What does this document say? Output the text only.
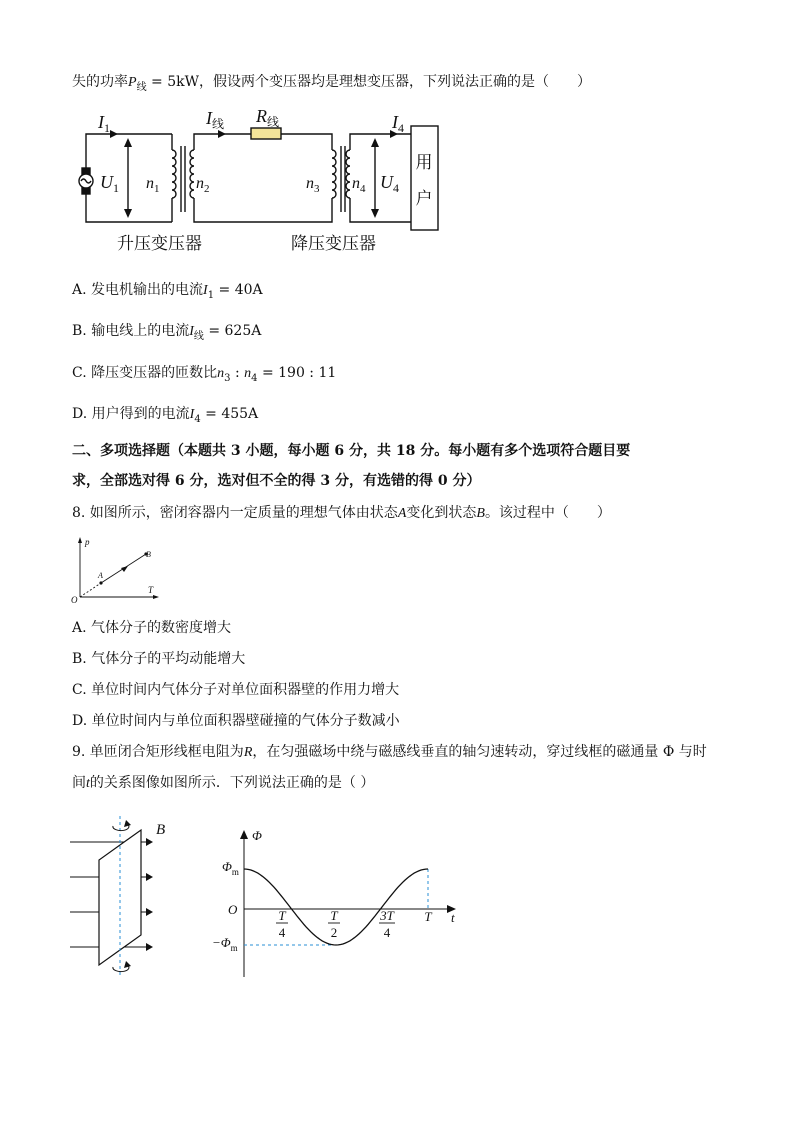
失的功率$P_线 = 5kW$，假设两个变压器均是理想变压器，下列说法正确的是（　　）
$I_1$	$I_线$ $R_线$	$I_4$
$U_1$ $n_1$ $n_2$	$n_3$ $n_4$ $U_4$
用
户
升压变压器	降压变压器
A. 发电机输出的电流$I_1 = 40A$
B. 输电线上的电流$I_线 = 625A$
C. 降压变压器的匝数比$n_3$ : $n_4 = 190$ : 11
D. 用户得到的电流$I_4 = 455A$
二、多项选择题（本题共 3 小题，每小题 6 分，共 18 分。每小题有多个选项符合题目要
求，全部选对得 6 分，选对但不全的得 3 分，有选错的得 0 分）
8. 如图所示，密闭容器内一定质量的理想气体由状态A变化到状态B。该过程中（　　）
p
T
O
A
B
A. 气体分子的数密度增大
B. 气体分子的平均动能增大
C. 单位时间内气体分子对单位面积器壁的作用力增大
D. 单位时间内与单位面积器壁碰撞的气体分子数减小
9. 单匝闭合矩形线框电阻为R，在匀强磁场中绕与磁感线垂直的轴匀速转动，穿过线框的磁通量 Φ 与时
间t的关系图像如图所示．下列说法正确的是（ ）
B	Φ
t
O
$\Phi_m$
$-\Phi_m$
T
4
T
2
3T
4
T
